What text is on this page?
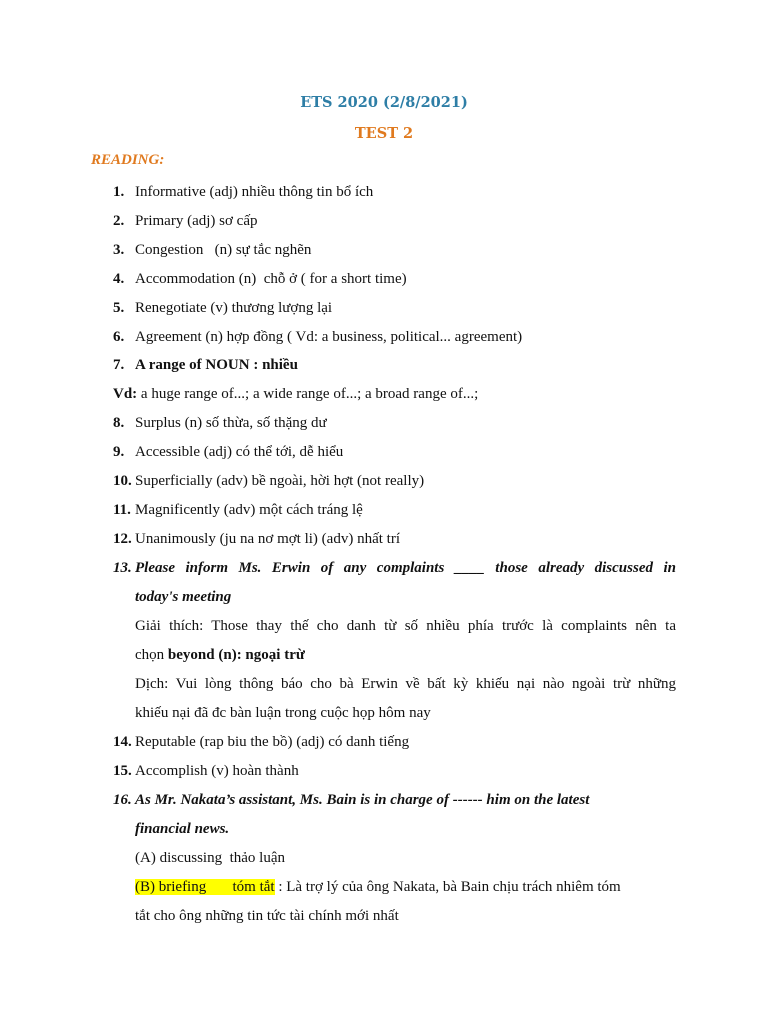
ETS 2020 (2/8/2021)
TEST 2
READING:
1. Informative (adj) nhiều thông tin bổ ích
2. Primary (adj) sơ cấp
3. Congestion   (n) sự tắc nghẽn
4. Accommodation (n)  chỗ ở ( for a short time)
5. Renegotiate (v) thương lượng lại
6. Agreement (n) hợp đồng ( Vd: a business, political... agreement)
7. A range of NOUN : nhiều
Vd: a huge range of...; a wide range of...; a broad range of...;
8. Surplus (n) số thừa, số thặng dư
9. Accessible (adj) có thể tới, dễ hiểu
10. Superficially (adv) bề ngoài, hời hợt (not really)
11. Magnificently (adv) một cách tráng lệ
12. Unanimously (ju na nơ mợt li) (adv) nhất trí
13. Please inform Ms. Erwin of any complaints ____ those already discussed in
today's meeting
Giải thích: Those thay thế cho danh từ số nhiều phía trước là complaints nên ta
chọn beyond (n): ngoại trừ
Dịch: Vui lòng thông báo cho bà Erwin về bất kỳ khiếu nại nào ngoài trừ những
khiếu nại đã đc bàn luận trong cuộc họp hôm nay
14. Reputable (rap biu the bồ) (adj) có danh tiếng
15. Accomplish (v) hoàn thành
16. As Mr. Nakata’s assistant, Ms. Bain is in charge of ------ him on the latest
financial news.
(A) discussing  thảo luận
(B) briefing       tóm tắt : Là trợ lý của ông Nakata, bà Bain chịu trách nhiêm tóm
tắt cho ông những tin tức tài chính mới nhất
